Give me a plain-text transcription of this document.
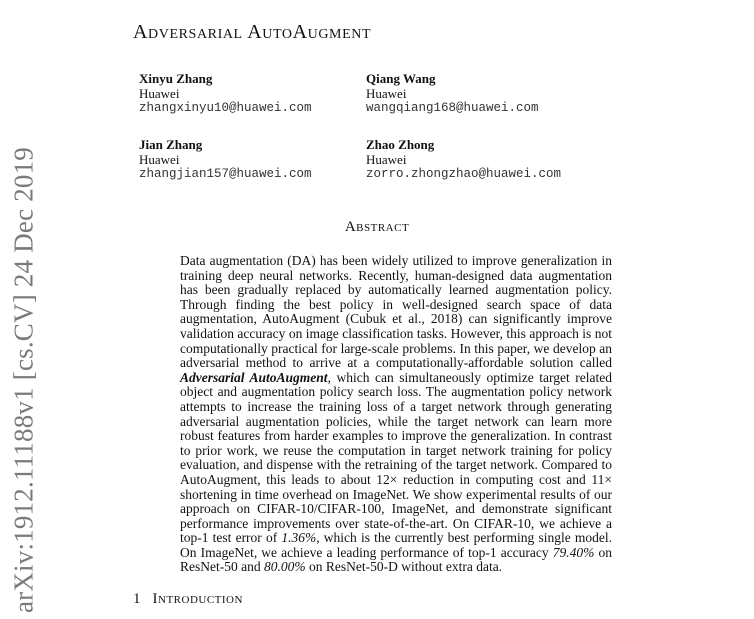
arXiv:1912.11188v1 [cs.CV] 24 Dec 2019
Adversarial AutoAugment
Xinyu Zhang
Huawei
zhangxinyu10@huawei.com
Qiang Wang
Huawei
wangqiang168@huawei.com
Jian Zhang
Huawei
zhangjian157@huawei.com
Zhao Zhong
Huawei
zorro.zhongzhao@huawei.com
Abstract
Data augmentation (DA) has been widely utilized to improve generalization in training deep neural networks. Recently, human-designed data augmentation has been gradually replaced by automatically learned augmentation policy. Through finding the best policy in well-designed search space of data augmentation, AutoAugment (Cubuk et al., 2018) can significantly improve validation accuracy on image classification tasks. However, this approach is not computationally practical for large-scale problems. In this paper, we develop an adversarial method to arrive at a computationally-affordable solution called Adversarial AutoAugment, which can simultaneously optimize target related object and augmentation policy search loss. The augmentation policy network attempts to increase the training loss of a target network through generating adversarial augmentation policies, while the target network can learn more robust features from harder examples to improve the generalization. In contrast to prior work, we reuse the computation in target network training for policy evaluation, and dispense with the retraining of the target network. Compared to AutoAugment, this leads to about 12× reduction in computing cost and 11× shortening in time overhead on ImageNet. We show experimental results of our approach on CIFAR-10/CIFAR-100, ImageNet, and demonstrate significant performance improvements over state-of-the-art. On CIFAR-10, we achieve a top-1 test error of 1.36%, which is the currently best performing single model. On ImageNet, we achieve a leading performance of top-1 accuracy 79.40% on ResNet-50 and 80.00% on ResNet-50-D without extra data.
1 Introduction
